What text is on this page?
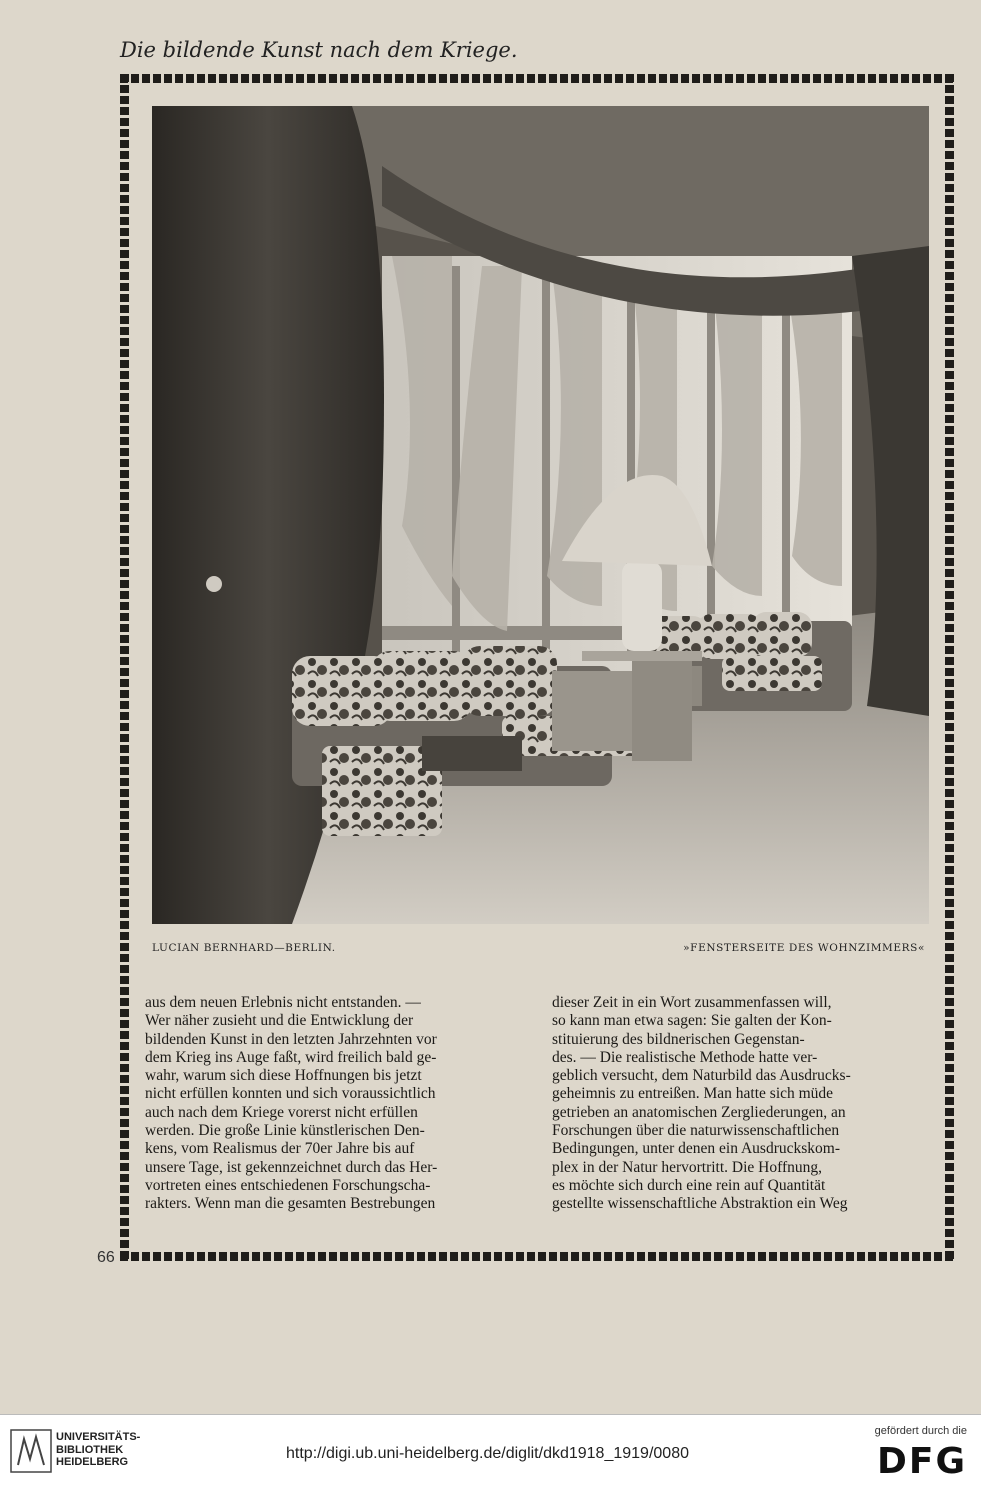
Die bildende Kunst nach dem Kriege.
LUCIAN BERNHARD—BERLIN.	»FENSTERSEITE DES WOHNZIMMERS«

aus dem neuen Erlebnis nicht entstanden. —

Wer näher zusieht und die Entwicklung der

bildenden Kunst in den letzten Jahrzehnten vor

dem Krieg ins Auge faßt, wird freilich bald ge-

wahr, warum sich diese Hoffnungen bis jetzt

nicht erfüllen konnten und sich voraussichtlich

auch nach dem Kriege vorerst nicht erfüllen

werden. Die große Linie künstlerischen Den-

kens, vom Realismus der 70er Jahre bis auf

unsere Tage, ist gekennzeichnet durch das Her-

vortreten eines entschiedenen Forschungscha-

rakters. Wenn man die gesamten Bestrebungen

dieser Zeit in ein Wort zusammenfassen will,

so kann man etwa sagen: Sie galten der Kon-

stituierung des bildnerischen Gegenstan-

des. — Die realistische Methode hatte ver-

geblich versucht, dem Naturbild das Ausdrucks-

geheimnis zu entreißen. Man hatte sich müde

getrieben an anatomischen Zergliederungen, an

Forschungen über die naturwissenschaftlichen

Bedingungen, unter denen ein Ausdruckskom-

plex in der Natur hervortritt. Die Hoffnung,

es möchte sich durch eine rein auf Quantität

gestellte wissenschaftliche Abstraktion ein Weg

66
UNIVERSITÄTS-
BIBLIOTHEK
HEIDELBERG	http://digi.ub.uni-heidelberg.de/diglit/dkd1918_1919/0080
gefördert durch die
DFG
